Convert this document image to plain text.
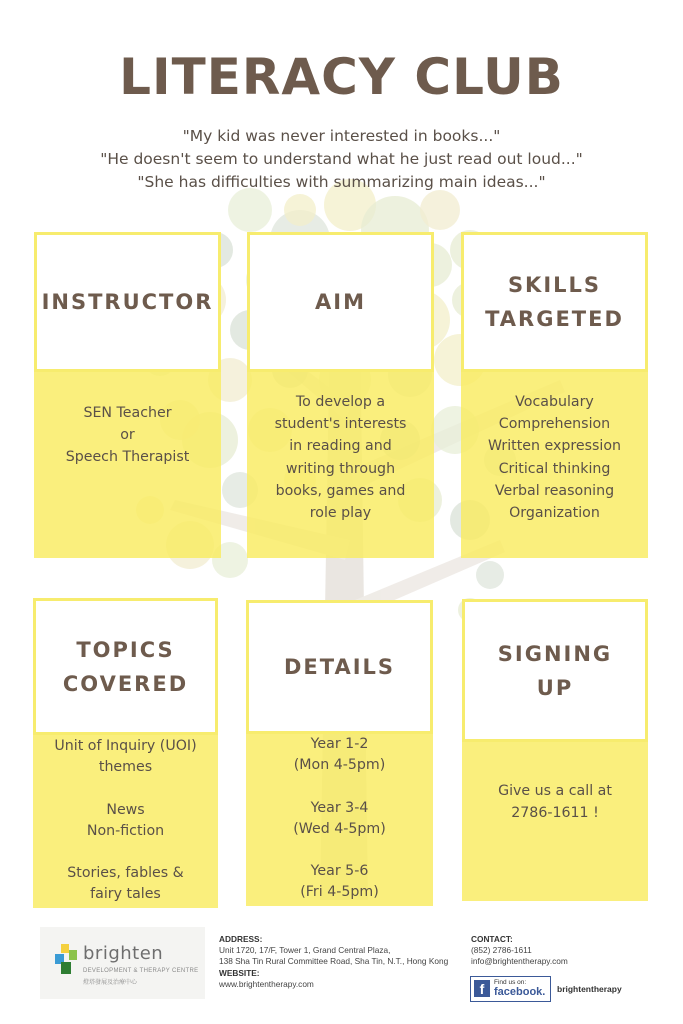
LITERACY CLUB
"My kid was never interested in books..."
"He doesn't seem to understand what he just read out loud..."
"She has difficulties with summarizing main ideas..."
INSTRUCTOR
SEN Teacher
or
Speech Therapist
AIM
To develop a
student's interests
in reading and
writing through
books, games and
role play
SKILLS
TARGETED
Vocabulary
Comprehension
Written expression
Critical thinking
Verbal reasoning
Organization
TOPICS
COVERED
Unit of Inquiry (UOI)
themes

News
Non-fiction

Stories, fables &
fairy tales
DETAILS
Year 1-2
(Mon 4-5pm)

Year 3-4
(Wed 4-5pm)

Year 5-6
(Fri 4-5pm)
SIGNING
UP
Give us a call at
2786-1611 !
brighten
DEVELOPMENT & THERAPY CENTRE
燈塔發展及治療中心
ADDRESS:
Unit 1720, 17/F, Tower 1, Grand Central Plaza,
138 Sha Tin Rural Committee Road, Sha Tin, N.T., Hong Kong
WEBSITE:
www.brightentherapy.com
CONTACT:
(852) 2786-1611
info@brightentherapy.com
f	Find us on:
facebook. brightentherapy
